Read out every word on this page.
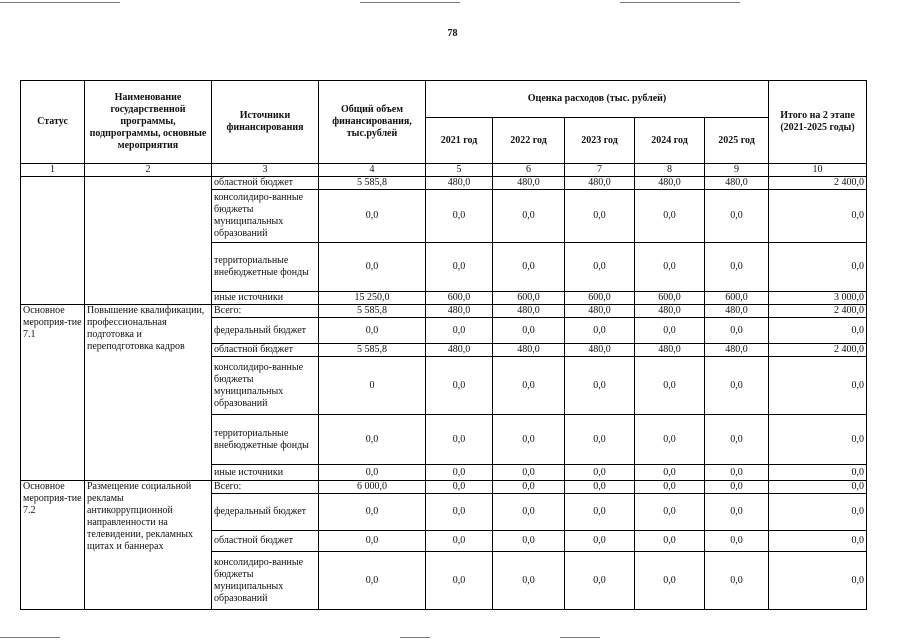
78
Статус	Наименование государственной программы, подпрограммы, основные мероприятия	Источники финансирования	Общий объем финансирования, тыс.рублей	Оценка расходов (тыс. рублей)					Итого на 2 этапе (2021-2025 годы)
				2021 год	2022 год	2023 год	2024 год	2025 год	
1	2	3	4	5	6	7	8	9	10
		областной бюджет	5 585,8	480,0	480,0	480,0	480,0	480,0	2 400,0
		консолидиро-ванные бюджеты муниципальных образований	0,0	0,0	0,0	0,0	0,0	0,0	0,0
		территориальные внебюджетные фонды	0,0	0,0	0,0	0,0	0,0	0,0	0,0
		иные источники	15 250,0	600,0	600,0	600,0	600,0	600,0	3 000,0
Основное мероприя-тие 7.1	Повышение квалификации, профессиональная подготовка и переподготовка кадров	Всего:	5 585,8	480,0	480,0	480,0	480,0	480,0	2 400,0
		федеральный бюджет	0,0	0,0	0,0	0,0	0,0	0,0	0,0
		областной бюджет	5 585,8	480,0	480,0	480,0	480,0	480,0	2 400,0
		консолидиро-ванные бюджеты муниципальных образований	0	0,0	0,0	0,0	0,0	0,0	0,0
		территориальные внебюджетные фонды	0,0	0,0	0,0	0,0	0,0	0,0	0,0
		иные источники	0,0	0,0	0,0	0,0	0,0	0,0	0,0
Основное мероприя-тие 7.2	Размещение социальной рекламы антикоррупционной направленности на телевидении, рекламных щитах и баннерах	Всего:	6 000,0	0,0	0,0	0,0	0,0	0,0	0,0
		федеральный бюджет	0,0	0,0	0,0	0,0	0,0	0,0	0,0
		областной бюджет	0,0	0,0	0,0	0,0	0,0	0,0	0,0
		консолидиро-ванные бюджеты муниципальных образований	0,0	0,0	0,0	0,0	0,0	0,0	0,0
